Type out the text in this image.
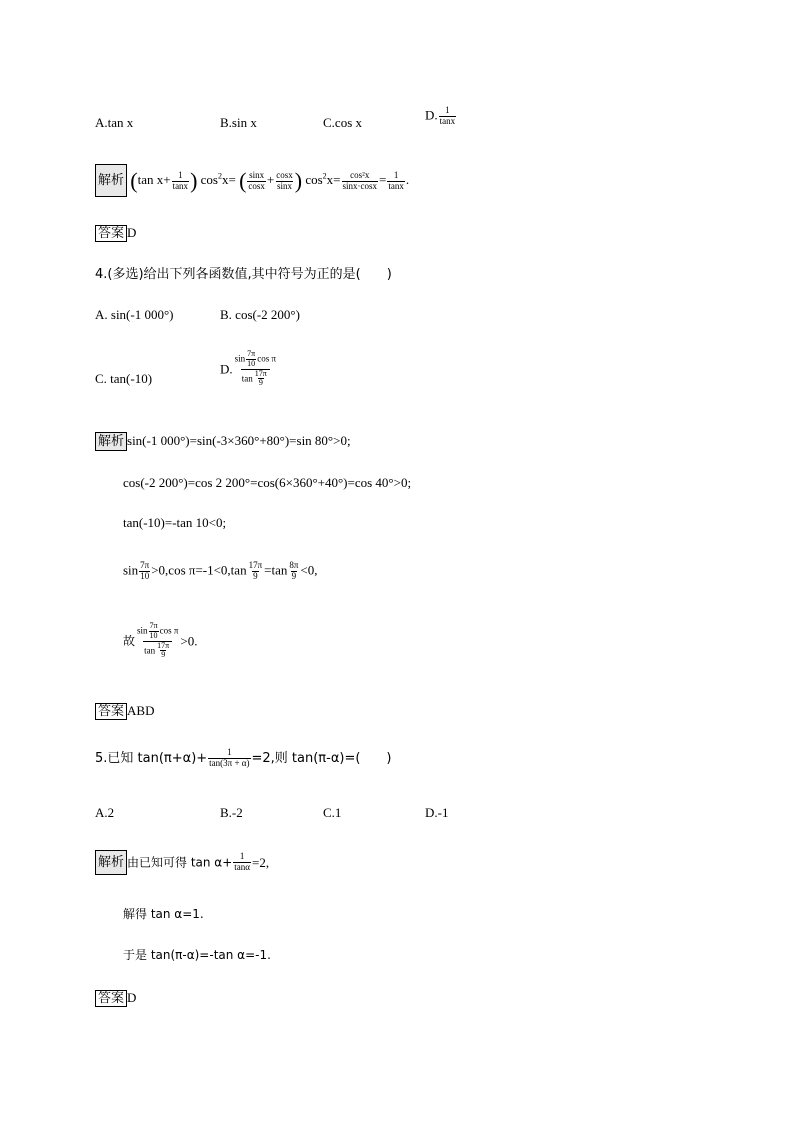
A.tan x	B.sin x	C.cos x
D. $\frac{1}{\tan x}$
解析 (tan $x+ \frac{1}{\tan x}$ ) $\cos^2x=$ ( $\frac{\sin x}{\cos x} + \frac{\cos x}{\sin x}$ ) $\cos^2x= \frac{\text{cos²x}}{\sin x\cdot\cos x} = \frac{1}{\tan x}$ .
答案 D
4.(多选)给出下列各函数值,其中符号为正的是(　　)
A. sin(-1 000°)	B. cos(-2 200°)
C. tan(-10)
D. $\frac{\sin \frac{7\pi}{10} \cos \pi}{\tan \frac{17\pi}{9}}$
解析 sin(-1 000°)=sin(-3×360°+80°)=sin 80°>0;
cos(-2 200°)=cos 2 200°=cos(6×360°+40°)=cos 40°>0;
tan(-10)=-tan 10<0;
$\sin \frac{7\pi}{10} >0,\cos$ $\pi=-1<0,\tan \frac{17\pi}{9} =\tan \frac{8\pi}{9} <0$,
故 $\frac{\sin \frac{7\pi}{10} \cos \pi}{\tan \frac{17\pi}{9}} >0$.
答案 ABD
5.已知 $\tan(\pi+\alpha)+ \frac{1}{\tan(3\pi + \alpha)} =2$,则 tan(π-α)=(　　)
A.2	B.-2	C.1	D.-1
解析 由已知可得 $\tan \alpha+ \frac{1}{\tan\alpha} =2$,
解得 tan α=1.
于是 tan(π-α)=-tan α=-1.
答案 D
